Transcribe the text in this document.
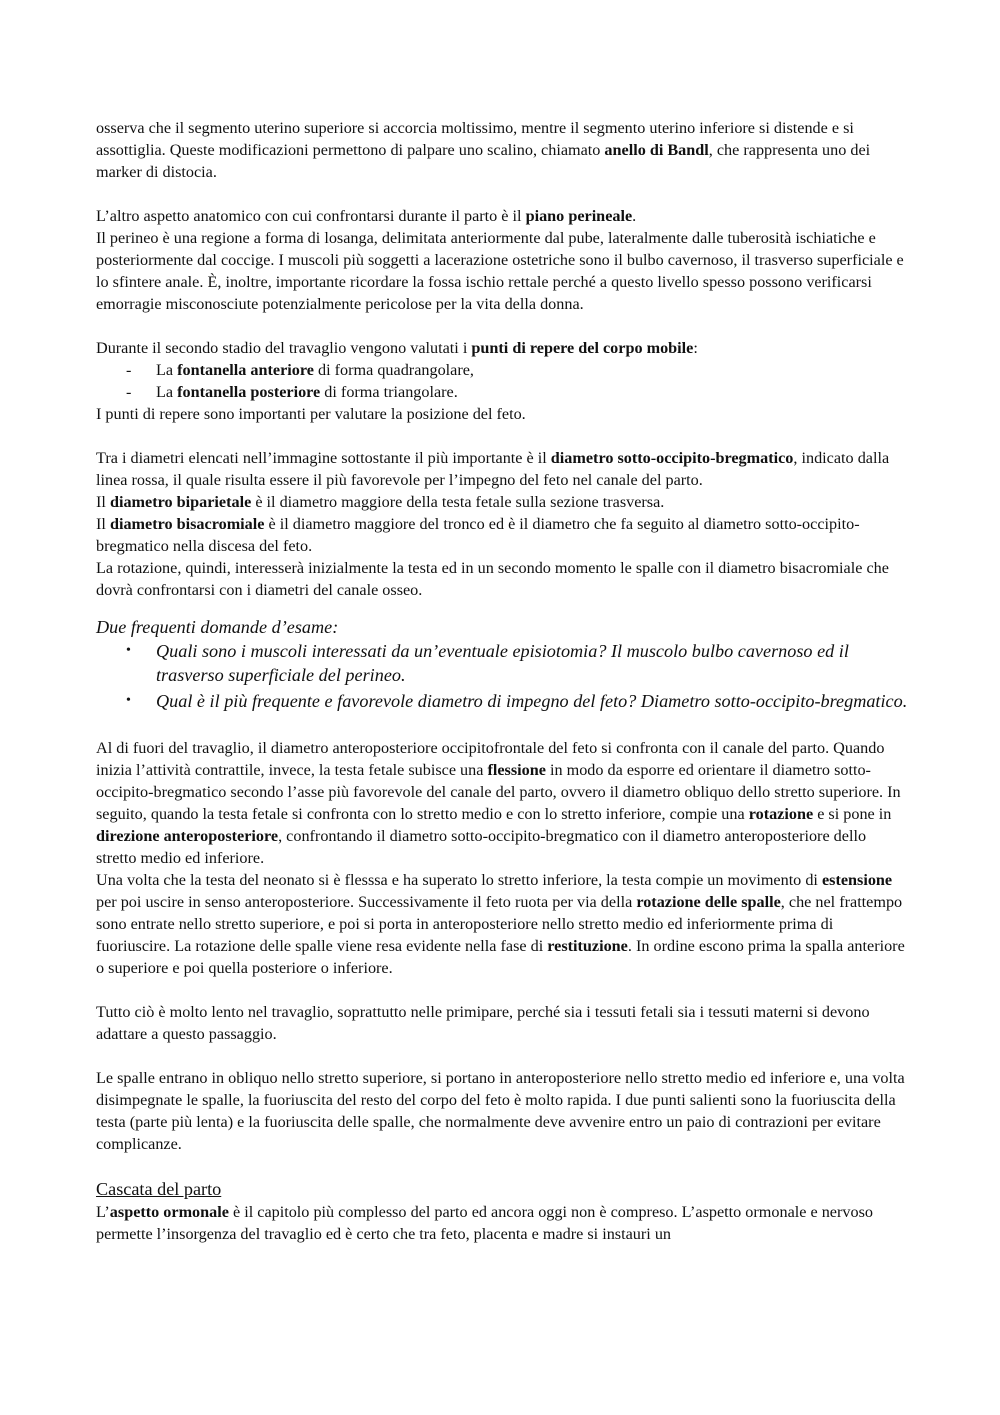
osserva che il segmento uterino superiore si accorcia moltissimo, mentre il segmento uterino inferiore si distende e si assottiglia. Queste modificazioni permettono di palpare uno scalino, chiamato anello di Bandl, che rappresenta uno dei marker di distocia.

L’altro aspetto anatomico con cui confrontarsi durante il parto è il piano perineale.

Il perineo è una regione a forma di losanga, delimitata anteriormente dal pube, lateralmente dalle tuberosità ischiatiche e posteriormente dal coccige. I muscoli più soggetti a lacerazione ostetriche sono il bulbo cavernoso, il trasverso superficiale e lo sfintere anale. È, inoltre, importante ricordare la fossa ischio rettale perché a questo livello spesso possono verificarsi emorragie misconosciute potenzialmente pericolose per la vita della donna.

Durante il secondo stadio del travaglio vengono valutati i punti di repere del corpo mobile:

- La fontanella anteriore di forma quadrangolare,
- La fontanella posteriore di forma triangolare.

I punti di repere sono importanti per valutare la posizione del feto.

Tra i diametri elencati nell’immagine sottostante il più importante è il diametro sotto-occipito-bregmatico, indicato dalla linea rossa, il quale risulta essere il più favorevole per l’impegno del feto nel canale del parto.

Il diametro biparietale è il diametro maggiore della testa fetale sulla sezione trasversa.

Il diametro bisacromiale è il diametro maggiore del tronco ed è il diametro che fa seguito al diametro sotto-occipito-bregmatico nella discesa del feto.

La rotazione, quindi, interesserà inizialmente la testa ed in un secondo momento le spalle con il diametro bisacromiale che dovrà confrontarsi con i diametri del canale osseo.

Due frequenti domande d’esame:

• Quali sono i muscoli interessati da un’eventuale episiotomia? Il muscolo bulbo cavernoso ed il trasverso superficiale del perineo.
• Qual è il più frequente e favorevole diametro di impegno del feto? Diametro sotto-occipito-bregmatico.

Al di fuori del travaglio, il diametro anteroposteriore occipitofrontale del feto si confronta con il canale del parto. Quando inizia l’attività contrattile, invece, la testa fetale subisce una flessione in modo da esporre ed orientare il diametro sotto-occipito-bregmatico secondo l’asse più favorevole del canale del parto, ovvero il diametro obliquo dello stretto superiore. In seguito, quando la testa fetale si confronta con lo stretto medio e con lo stretto inferiore, compie una rotazione e si pone in direzione anteroposteriore, confrontando il diametro sotto-occipito-bregmatico con il diametro anteroposteriore dello stretto medio ed inferiore.

Una volta che la testa del neonato si è flesssa e ha superato lo stretto inferiore, la testa compie un movimento di estensione per poi uscire in senso anteroposteriore. Successivamente il feto ruota per via della rotazione delle spalle, che nel frattempo sono entrate nello stretto superiore, e poi si porta in anteroposteriore nello stretto medio ed inferiormente prima di fuoriuscire. La rotazione delle spalle viene resa evidente nella fase di restituzione. In ordine escono prima la spalla anteriore o superiore e poi quella posteriore o inferiore.

Tutto ciò è molto lento nel travaglio, soprattutto nelle primipare, perché sia i tessuti fetali sia i tessuti materni si devono adattare a questo passaggio.

Le spalle entrano in obliquo nello stretto superiore, si portano in anteroposteriore nello stretto medio ed inferiore e, una volta disimpegnate le spalle, la fuoriuscita del resto del corpo del feto è molto rapida. I due punti salienti sono la fuoriuscita della testa (parte più lenta) e la fuoriuscita delle spalle, che normalmente deve avvenire entro un paio di contrazioni per evitare complicanze.

Cascata del parto

L’aspetto ormonale è il capitolo più complesso del parto ed ancora oggi non è compreso. L’aspetto ormonale e nervoso permette l’insorgenza del travaglio ed è certo che tra feto, placenta e madre si instauri un
